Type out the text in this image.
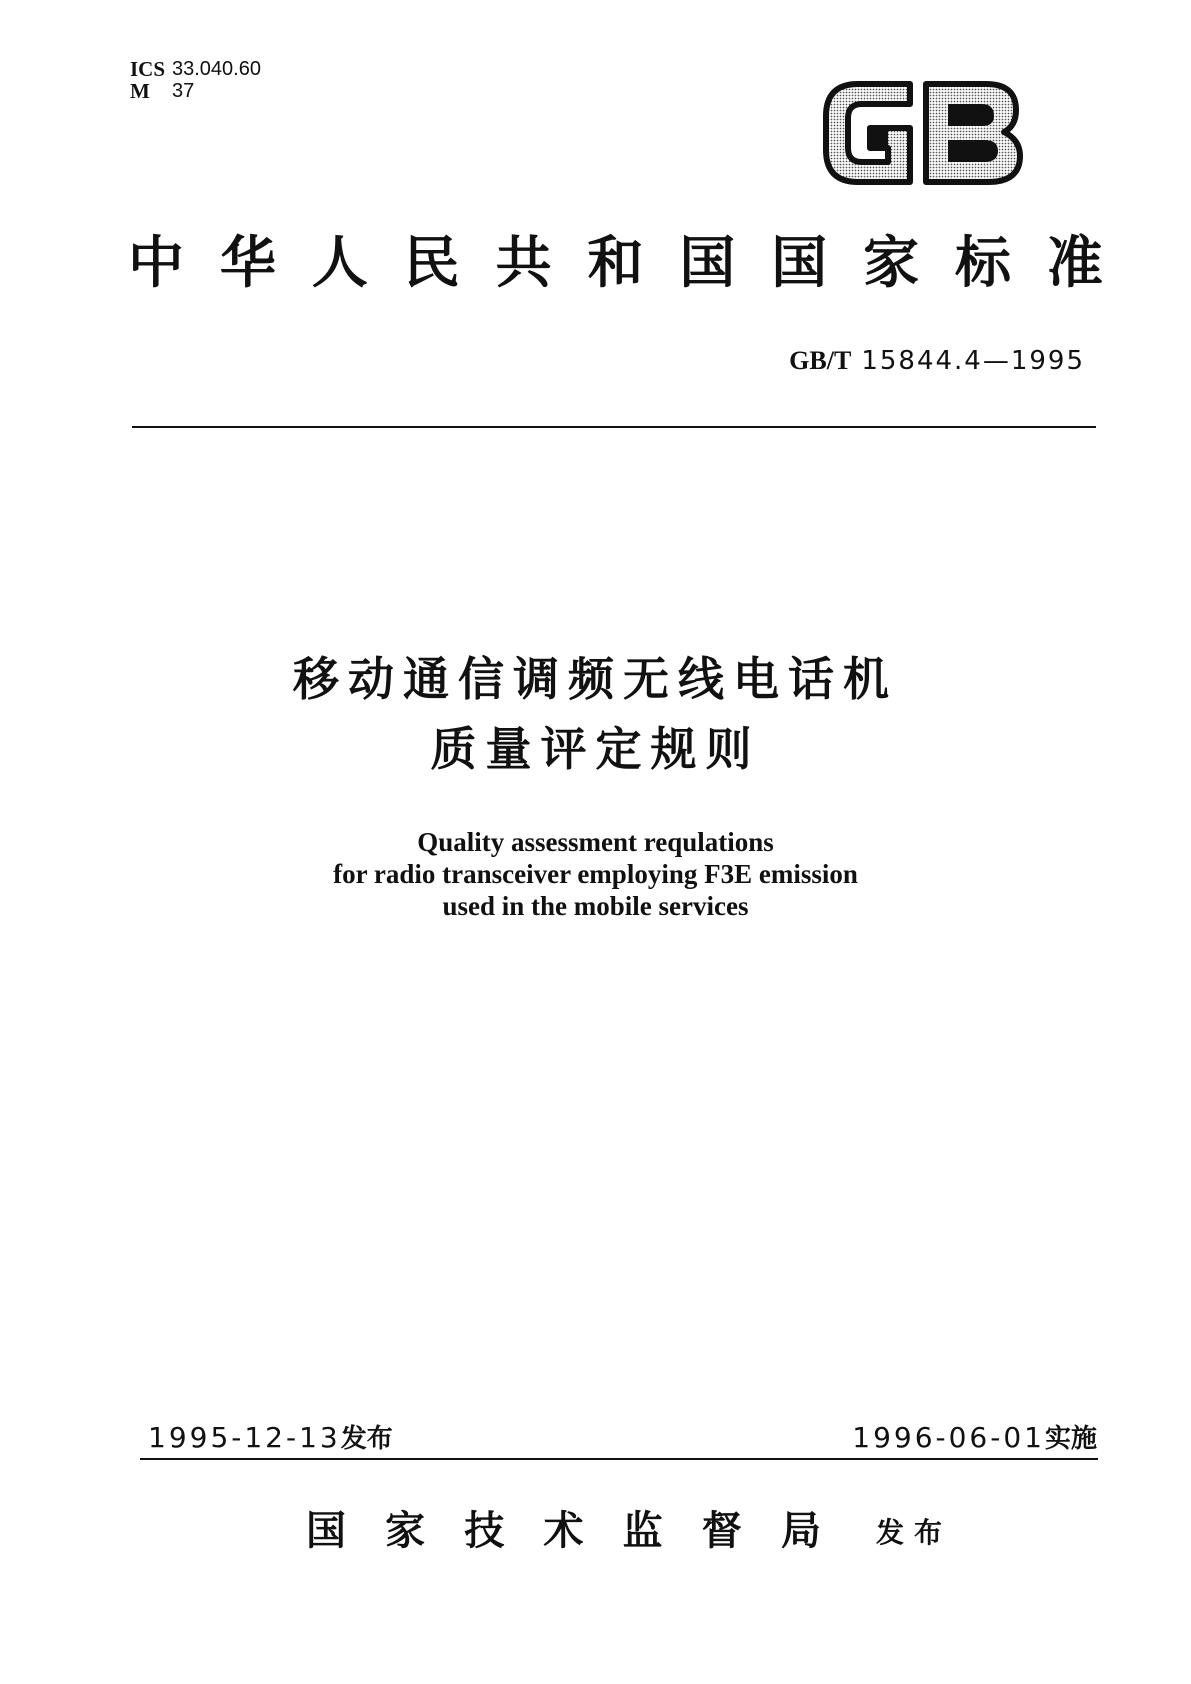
ICS 33.040.60
M	37
中 华 人 民 共 和 国 国 家 标 准
GB/T 15844.4—1995
移动通信调频无线电话机
质量评定规则
Quality assessment requlations
for radio transceiver employing F3E emission
used in the mobile services
1995-12-13发布	1996-06-01实施
国 家 技 术 监 督 局 发布
